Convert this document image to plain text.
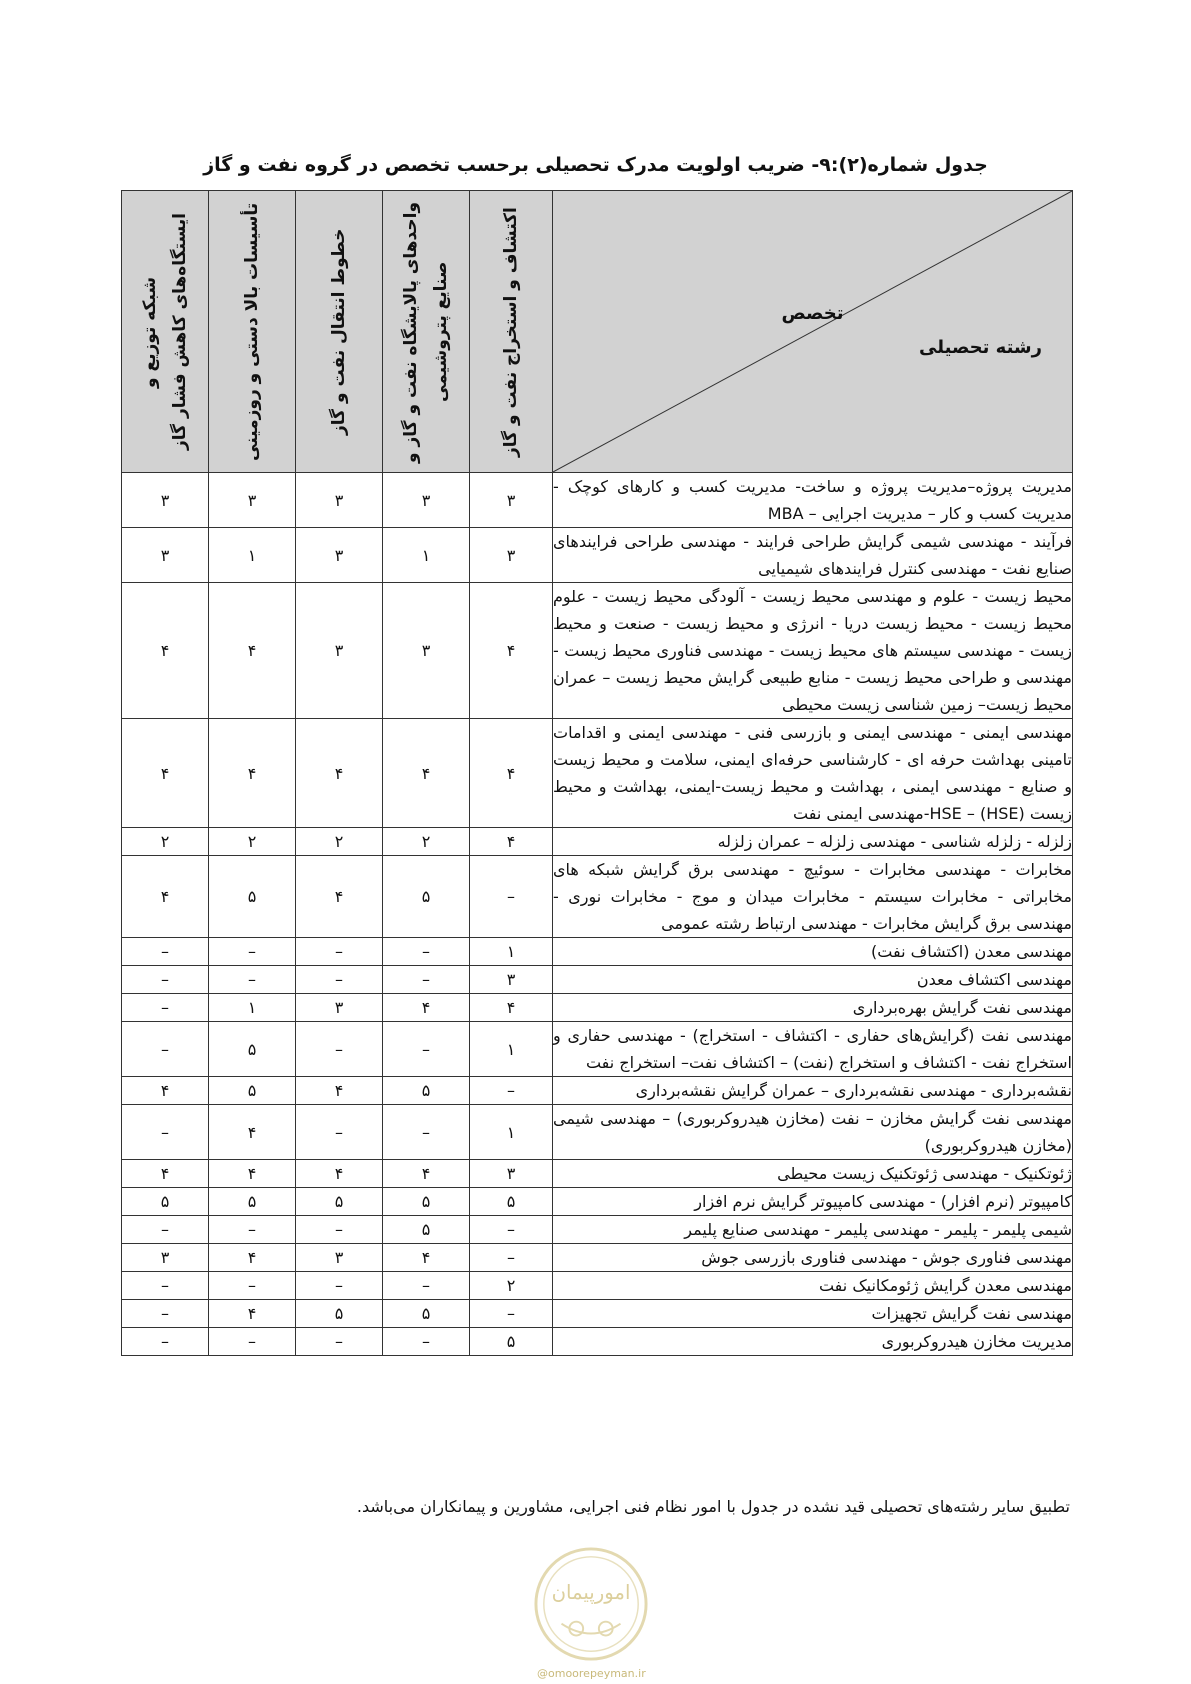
جدول شماره(۲):۹- ضریب اولویت مدرک تحصیلی برحسب تخصص در گروه نفت و گاز
تخصص
رشته تحصیلی	اکتشاف و استخراج نفت و گاز	واحدهای پالایشگاه نفت و گاز و
صنایع پتروشیمی	خطوط انتقال نفت و گاز	تأسیسات بالا دستی و روزمینی	شبکه توزیع و
ایستگاه‌های کاهش فشار گاز

مدیریت پروژه–مدیریت پروژه و ساخت- مدیریت کسب و کارهای کوچک - مدیریت کسب و کار – مدیریت اجرایی – MBA	۳	۳	۳	۳	۳
فرآیند - مهندسی شیمی گرایش طراحی فرایند - مهندسی طراحی فرایندهای صنایع نفت - مهندسی کنترل فرایندهای شیمیایی	۳	۱	۳	۱	۳
محیط زیست - علوم و مهندسی محیط زیست - آلودگی محیط زیست - علوم محیط زیست - محیط زیست دریا - انرژی و محیط زیست - صنعت و محیط زیست - مهندسی سیستم های محیط زیست - مهندسی فناوری محیط زیست - مهندسی و طراحی محیط زیست - منابع طبیعی گرایش محیط زیست – عمران محیط زیست– زمین شناسی زیست محیطی	۴	۳	۳	۴	۴
مهندسی ایمنی - مهندسی ایمنی و بازرسی فنی - مهندسی ایمنی و اقدامات تامینی بهداشت حرفه ای - کارشناسی حرفه‌ای ایمنی، سلامت و محیط زیست و صنایع - مهندسی ایمنی ، بهداشت و محیط زیست-ایمنی، بهداشت و محیط زیست (HSE) – HSE-مهندسی ایمنی نفت	۴	۴	۴	۴	۴
زلزله - زلزله شناسی - مهندسی زلزله – عمران زلزله	۴	۲	۲	۲	۲
مخابرات - مهندسی مخابرات - سوئیچ - مهندسی برق گرایش شبکه های مخابراتی - مخابرات سیستم - مخابرات میدان و موج - مخابرات نوری - مهندسی برق گرایش مخابرات - مهندسی ارتباط رشته عمومی	–	۵	۴	۵	۴
مهندسی معدن (اکتشاف نفت)	۱	–	–	–	–
مهندسی اکتشاف معدن	۳	–	–	–	–
مهندسی نفت گرایش بهره‌برداری	۴	۴	۳	۱	–
مهندسی نفت (گرایش‌های حفاری - اکتشاف - استخراج) - مهندسی حفاری و استخراج نفت - اکتشاف و استخراج (نفت) – اکتشاف نفت– استخراج نفت	۱	–	–	۵	–
نقشه‌برداری - مهندسی نقشه‌برداری – عمران گرایش نقشه‌برداری	–	۵	۴	۵	۴
مهندسی نفت گرایش مخازن – نفت (مخازن هیدروکربوری) – مهندسی شیمی (مخازن هیدروکربوری)	۱	–	–	۴	–
ژئوتکنیک - مهندسی ژئوتکنیک زیست محیطی	۳	۴	۴	۴	۴
کامپیوتر (نرم افزار) - مهندسی کامپیوتر گرایش نرم افزار	۵	۵	۵	۵	۵
شیمی پلیمر - پلیمر - مهندسی پلیمر - مهندسی صنایع پلیمر	–	۵	–	–	–
مهندسی فناوری جوش - مهندسی فناوری بازرسی جوش	–	۴	۳	۴	۳
مهندسی معدن گرایش ژئومکانیک نفت	۲	–	–	–	–
مهندسی نفت گرایش تجهیزات	–	۵	۵	۴	–
مدیریت مخازن هیدروکربوری	۵	–	–	–	–
تطبیق سایر رشته‌های تحصیلی قید نشده در جدول با امور نظام فنی اجرایی، مشاورین و پیمانکاران می‌باشد.
امورپیمان
@omoorepeyman.ir
